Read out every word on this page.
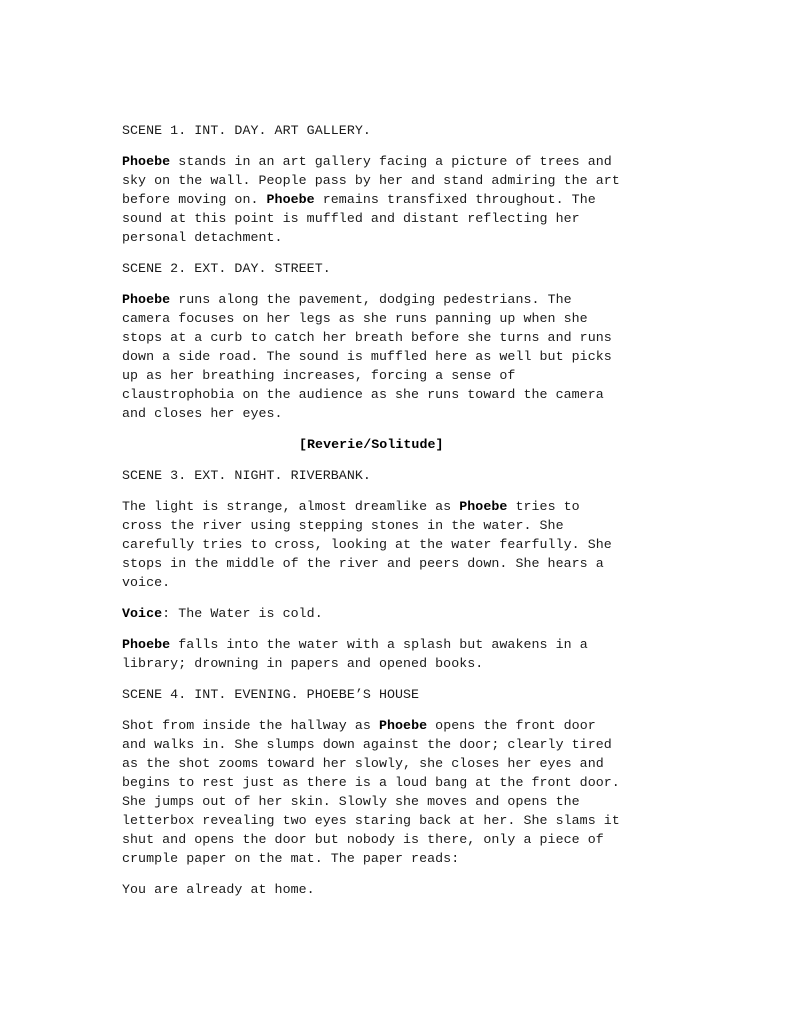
SCENE 1. INT. DAY. ART GALLERY.
Phoebe stands in an art gallery facing a picture of trees and
sky on the wall. People pass by her and stand admiring the art
before moving on. Phoebe remains transfixed throughout. The
sound at this point is muffled and distant reflecting her
personal detachment.
SCENE 2. EXT. DAY. STREET.
Phoebe runs along the pavement, dodging pedestrians. The
camera focuses on her legs as she runs panning up when she
stops at a curb to catch her breath before she turns and runs
down a side road. The sound is muffled here as well but picks
up as her breathing increases, forcing a sense of
claustrophobia on the audience as she runs toward the camera
and closes her eyes.
[Reverie/Solitude]
SCENE 3. EXT. NIGHT. RIVERBANK.
The light is strange, almost dreamlike as Phoebe tries to
cross the river using stepping stones in the water. She
carefully tries to cross, looking at the water fearfully. She
stops in the middle of the river and peers down. She hears a
voice.
Voice: The Water is cold.
Phoebe falls into the water with a splash but awakens in a
library; drowning in papers and opened books.
SCENE 4. INT. EVENING. PHOEBE’S HOUSE
Shot from inside the hallway as Phoebe opens the front door
and walks in. She slumps down against the door; clearly tired
as the shot zooms toward her slowly, she closes her eyes and
begins to rest just as there is a loud bang at the front door.
She jumps out of her skin. Slowly she moves and opens the
letterbox revealing two eyes staring back at her. She slams it
shut and opens the door but nobody is there, only a piece of
crumple paper on the mat. The paper reads:
You are already at home.
